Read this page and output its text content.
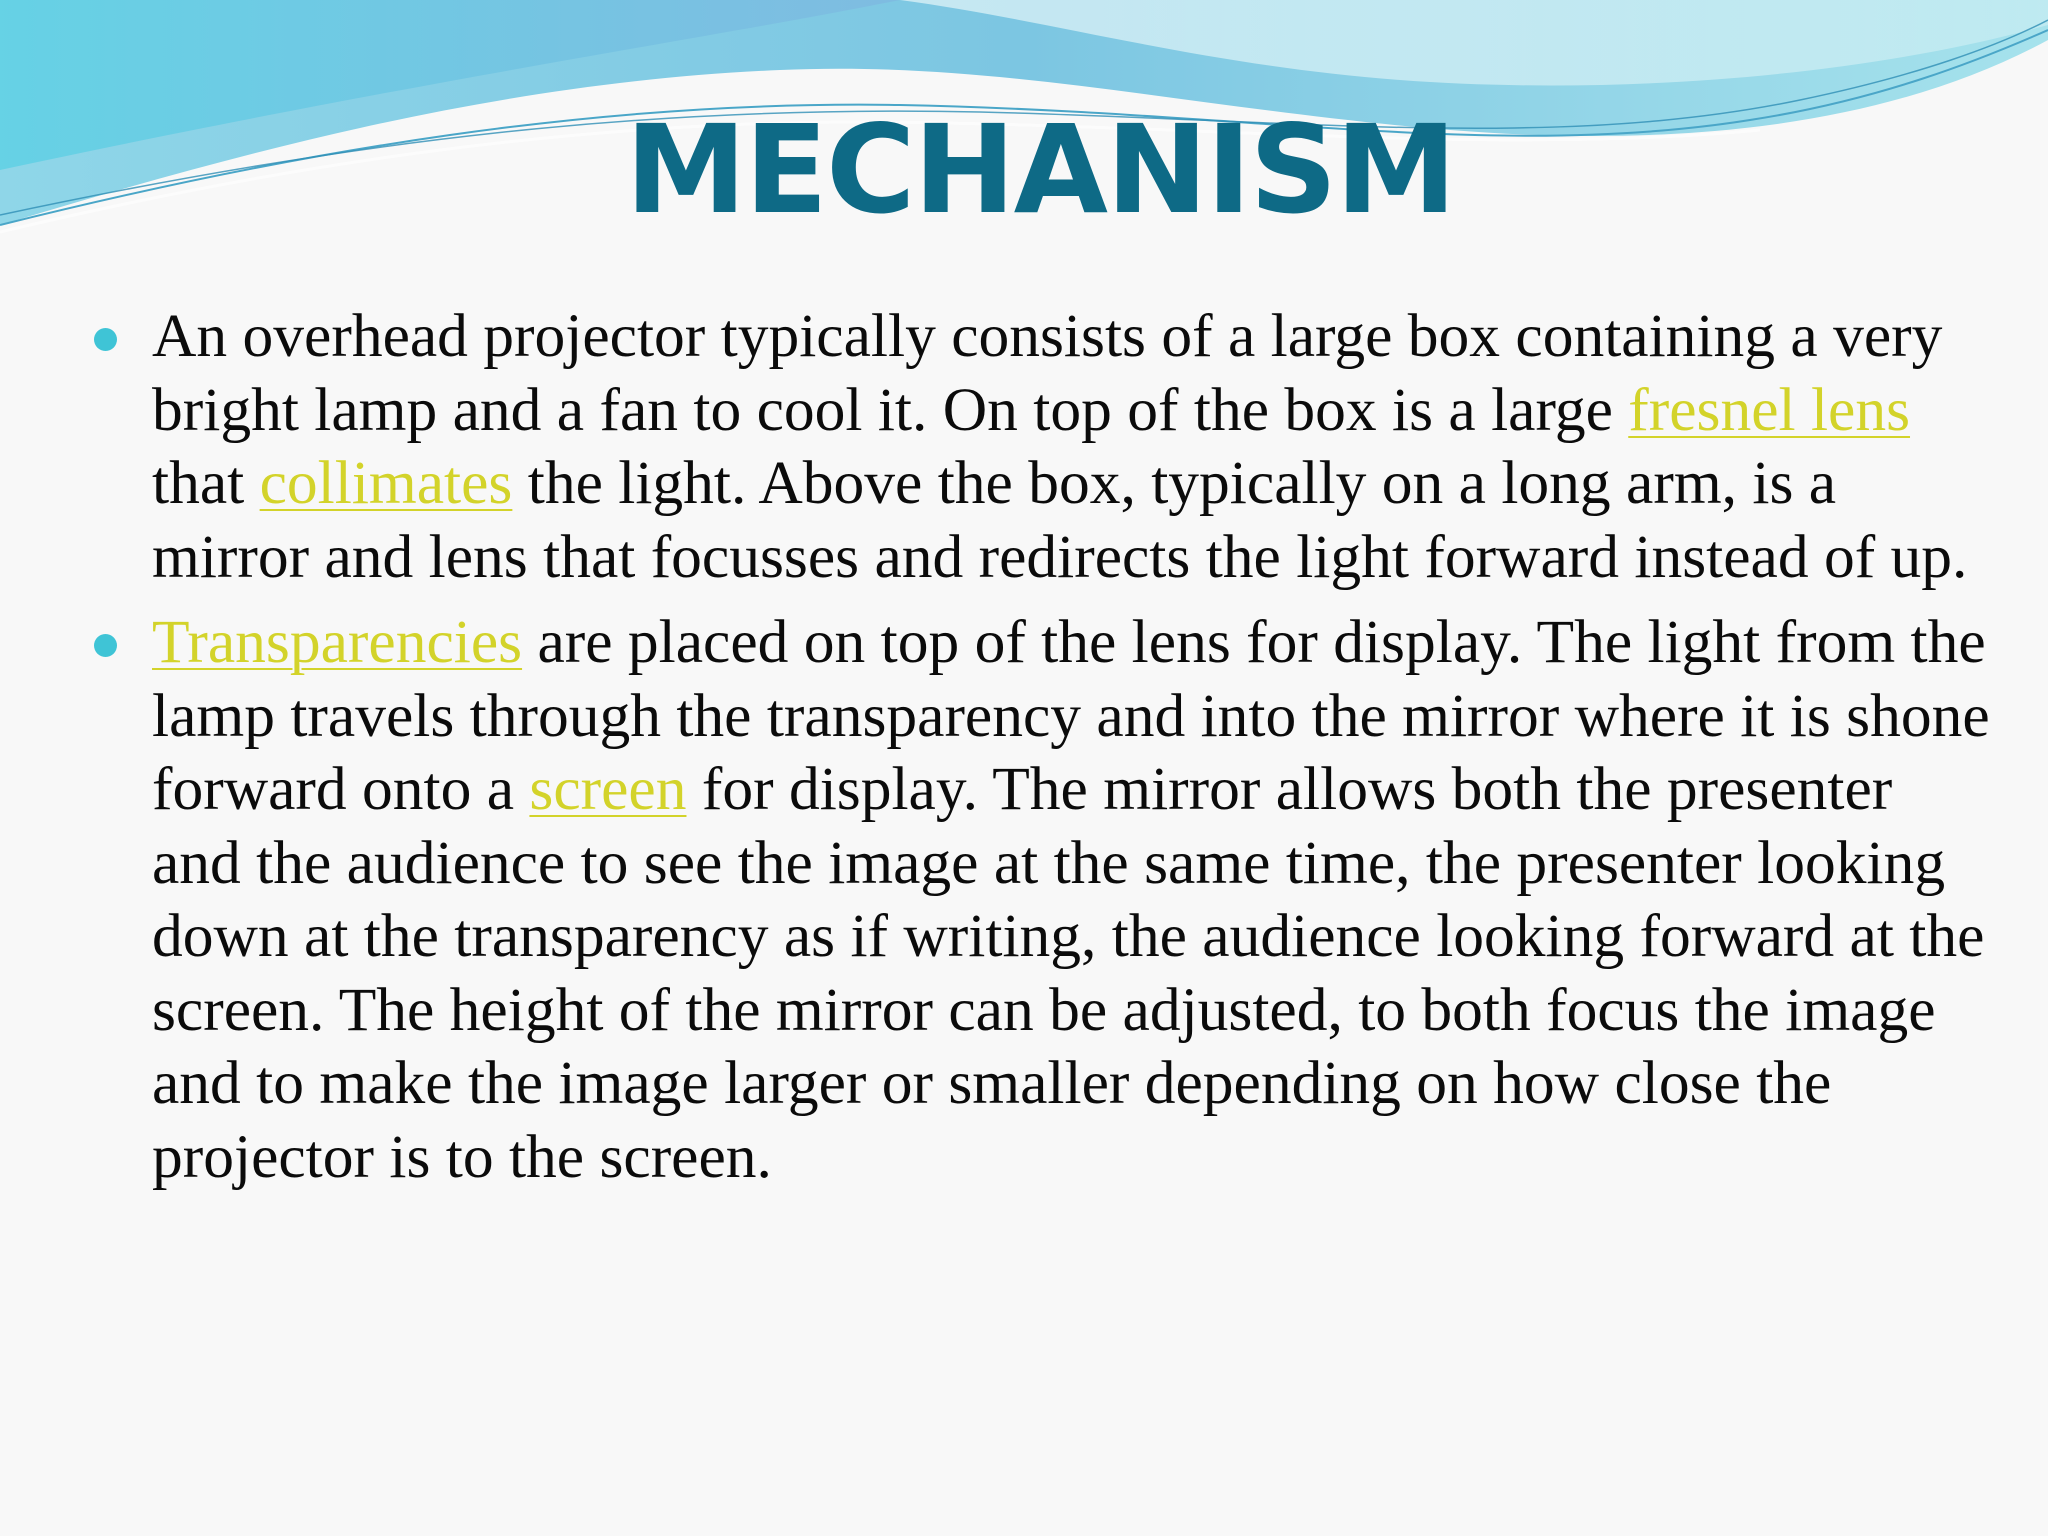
MECHANISM
An overhead projector typically consists of a large box containing a very bright lamp and a fan to cool it. On top of the box is a large fresnel lens that collimates the light. Above the box, typically on a long arm, is a mirror and lens that focusses and redirects the light forward instead of up.
Transparencies are placed on top of the lens for display. The light from the lamp travels through the transparency and into the mirror where it is shone forward onto a screen for display. The mirror allows both the presenter and the audience to see the image at the same time, the presenter looking down at the transparency as if writing, the audience looking forward at the screen. The height of the mirror can be adjusted, to both focus the image and to make the image larger or smaller depending on how close the projector is to the screen.
